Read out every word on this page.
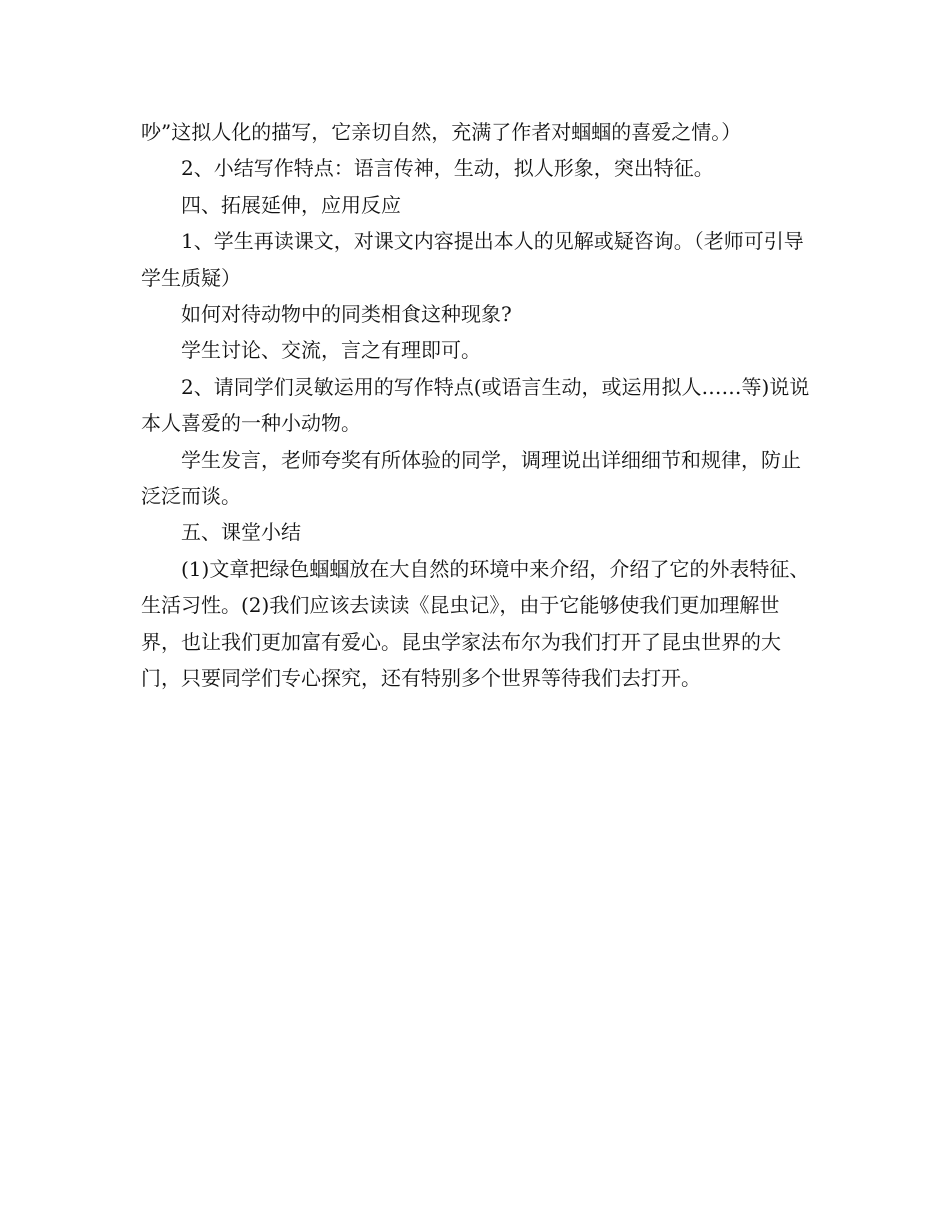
吵”这拟人化的描写，它亲切自然，充满了作者对蝈蝈的喜爱之情。）

2、小结写作特点：语言传神，生动，拟人形象，突出特征。

四、拓展延伸，应用反应

1、学生再读课文，对课文内容提出本人的见解或疑咨询。（老师可引导学生质疑）

如何对待动物中的同类相食这种现象?

学生讨论、交流，言之有理即可。

2、请同学们灵敏运用的写作特点(或语言生动，或运用拟人……等)说说本人喜爱的一种小动物。

学生发言，老师夸奖有所体验的同学，调理说出详细细节和规律，防止泛泛而谈。

五、课堂小结

(1)文章把绿色蝈蝈放在大自然的环境中来介绍，介绍了它的外表特征、生活习性。(2)我们应该去读读《昆虫记》，由于它能够使我们更加理解世界，也让我们更加富有爱心。昆虫学家法布尔为我们打开了昆虫世界的大门，只要同学们专心探究，还有特别多个世界等待我们去打开。
